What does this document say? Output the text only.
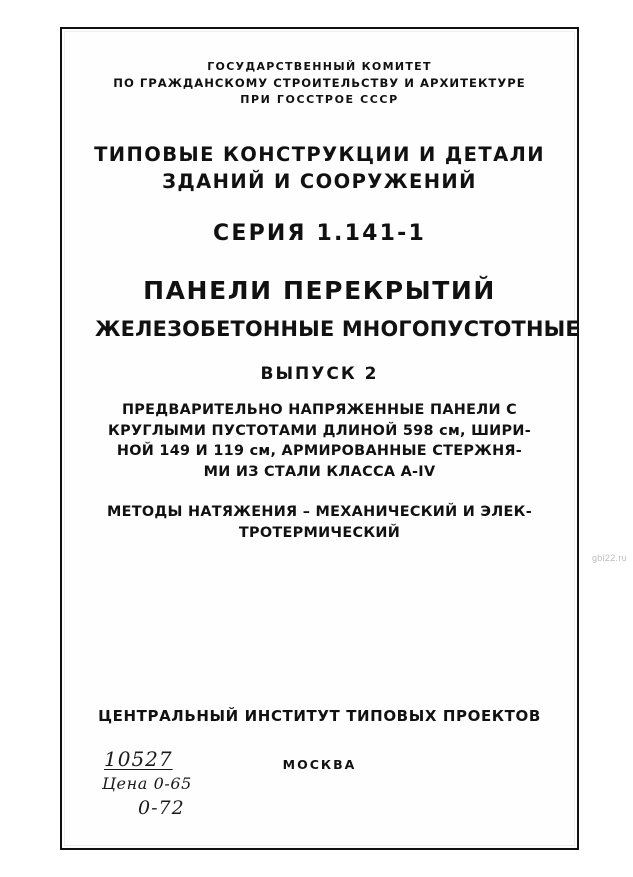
ГОСУДАРСТВЕННЫЙ КОМИТЕТ
ПО ГРАЖДАНСКОМУ СТРОИТЕЛЬСТВУ И АРХИТЕКТУРЕ
ПРИ ГОССТРОЕ СССР
ТИПОВЫЕ КОНСТРУКЦИИ И ДЕТАЛИ
ЗДАНИЙ И СООРУЖЕНИЙ
СЕРИЯ 1.141-1
ПАНЕЛИ ПЕРЕКРЫТИЙ
ЖЕЛЕЗОБЕТОННЫЕ МНОГОПУСТОТНЫЕ
ВЫПУСК 2
ПРЕДВАРИТЕЛЬНО НАПРЯЖЕННЫЕ ПАНЕЛИ С
КРУГЛЫМИ ПУСТОТАМИ ДЛИНОЙ 598 см, ШИРИ-
НОЙ 149 И 119 см, АРМИРОВАННЫЕ СТЕРЖНЯ-
МИ ИЗ СТАЛИ КЛАССА А-IV
МЕТОДЫ НАТЯЖЕНИЯ – МЕХАНИЧЕСКИЙ И ЭЛЕК-
ТРОТЕРМИЧЕСКИЙ
ЦЕНТРАЛЬНЫЙ ИНСТИТУТ ТИПОВЫХ ПРОЕКТОВ
МОСКВА
10527
Цена 0-65
0-72
gbi22.ru
